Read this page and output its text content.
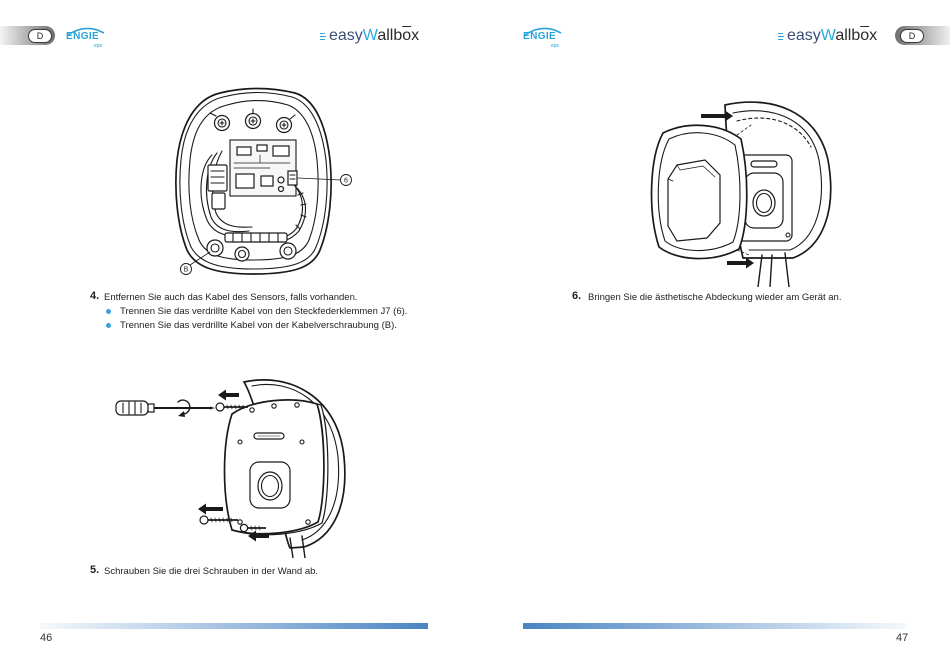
D	ENGIE
eps
$easyWallb\overline{o}x$
6
B
4. Entfernen Sie auch das Kabel des Sensors, falls vorhanden.
Trennen Sie das verdrillte Kabel von den Steckfederklemmen J7 (6).
Trennen Sie das verdrillte Kabel von der Kabelverschraubung (B).
5. Schrauben Sie die drei Schrauben in der Wand ab.
46
ENGIE
eps
$easyWallb\overline{o}x$	D
6. Bringen Sie die ästhetische Abdeckung wieder am Gerät an.
47
